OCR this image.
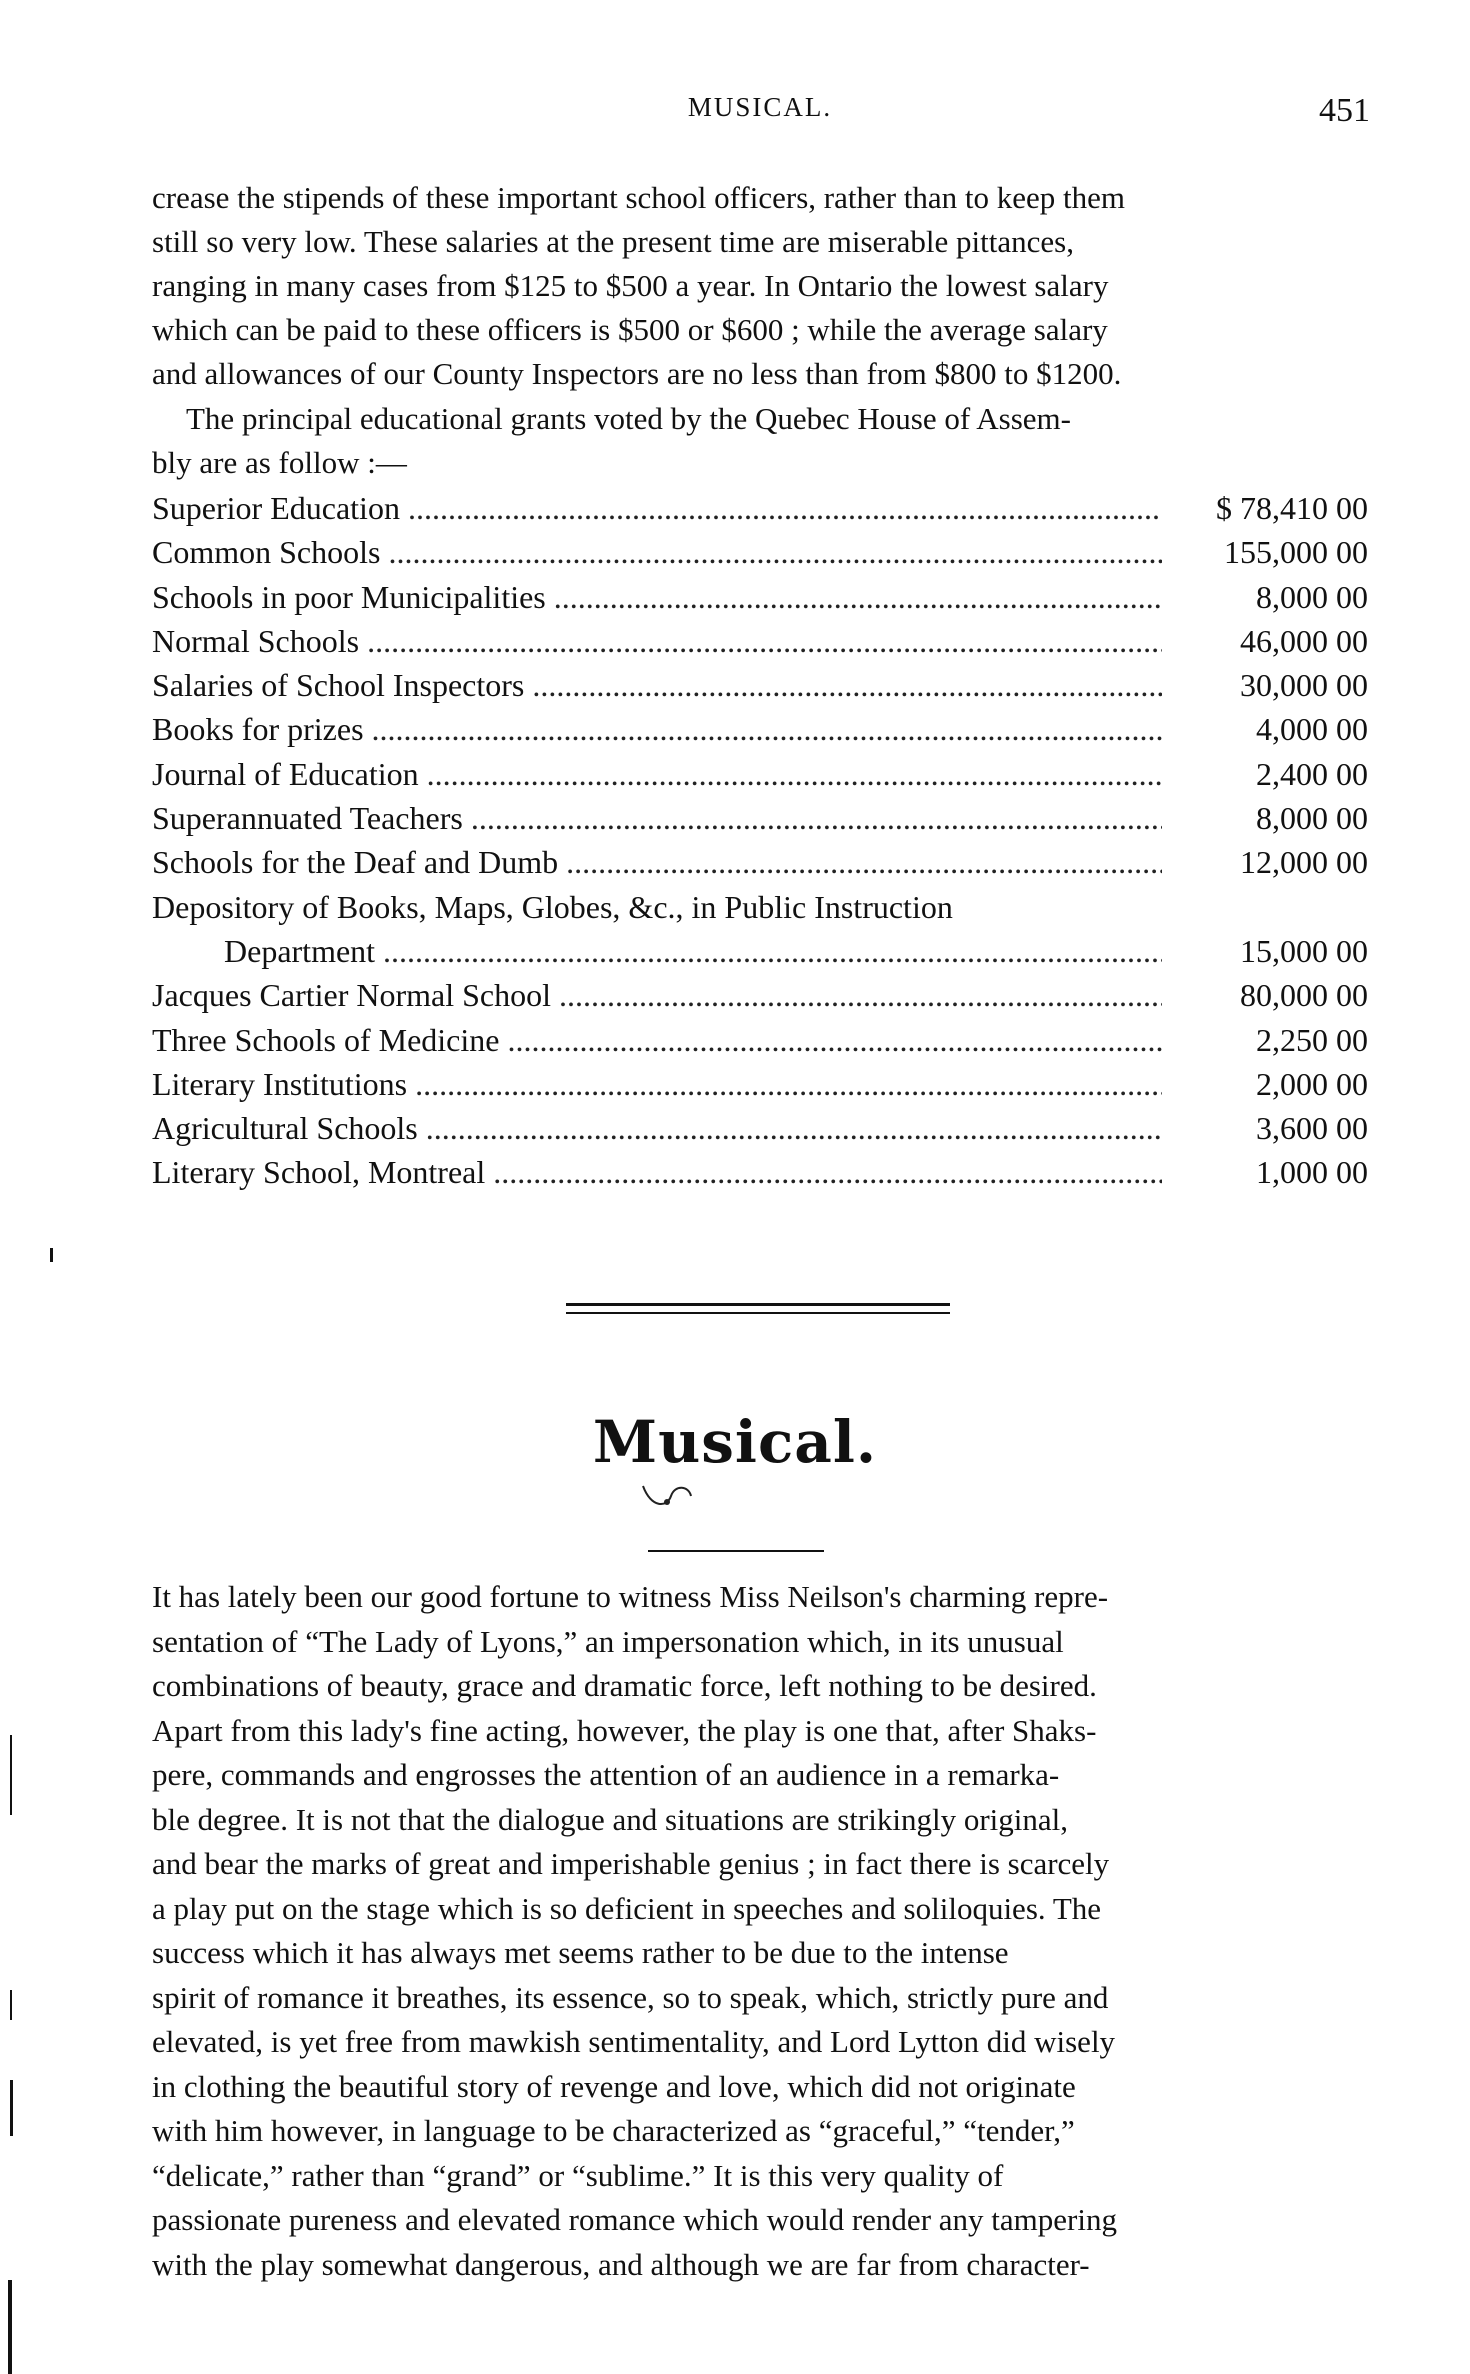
MUSICAL.	451
crease the stipends of these important school officers, rather than to keep them
still so very low. These salaries at the present time are miserable pittances,
ranging in many cases from $125 to $500 a year. In Ontario the lowest salary
which can be paid to these officers is $500 or $600 ; while the average salary
and allowances of our County Inspectors are no less than from $800 to $1200.
The principal educational grants voted by the Quebec House of Assem-
bly are as follow :—
Superior Education .....	$ 78,410 00
Common Schools .....	155,000 00
Schools in poor Municipalities .....	8,000 00
Normal Schools .....	46,000 00
Salaries of School Inspectors .....	30,000 00
Books for prizes .....	4,000 00
Journal of Education .....	2,400 00
Superannuated Teachers .....	8,000 00
Schools for the Deaf and Dumb .....	12,000 00
Depository of Books, Maps, Globes, &c., in Public Instruction
Department .....	15,000 00
Jacques Cartier Normal School .....	80,000 00
Three Schools of Medicine .....	2,250 00
Literary Institutions .....	2,000 00
Agricultural Schools .....	3,600 00
Literary School, Montreal .....	1,000 00
Musical.
It has lately been our good fortune to witness Miss Neilson's charming repre-
sentation of “The Lady of Lyons,” an impersonation which, in its unusual
combinations of beauty, grace and dramatic force, left nothing to be desired.
Apart from this lady's fine acting, however, the play is one that, after Shaks-
pere, commands and engrosses the attention of an audience in a remarka-
ble degree. It is not that the dialogue and situations are strikingly original,
and bear the marks of great and imperishable genius ; in fact there is scarcely
a play put on the stage which is so deficient in speeches and soliloquies. The
success which it has always met seems rather to be due to the intense
spirit of romance it breathes, its essence, so to speak, which, strictly pure and
elevated, is yet free from mawkish sentimentality, and Lord Lytton did wisely
in clothing the beautiful story of revenge and love, which did not originate
with him however, in language to be characterized as “graceful,” “tender,”
“delicate,” rather than “grand” or “sublime.” It is this very quality of
passionate pureness and elevated romance which would render any tampering
with the play somewhat dangerous, and although we are far from character-
